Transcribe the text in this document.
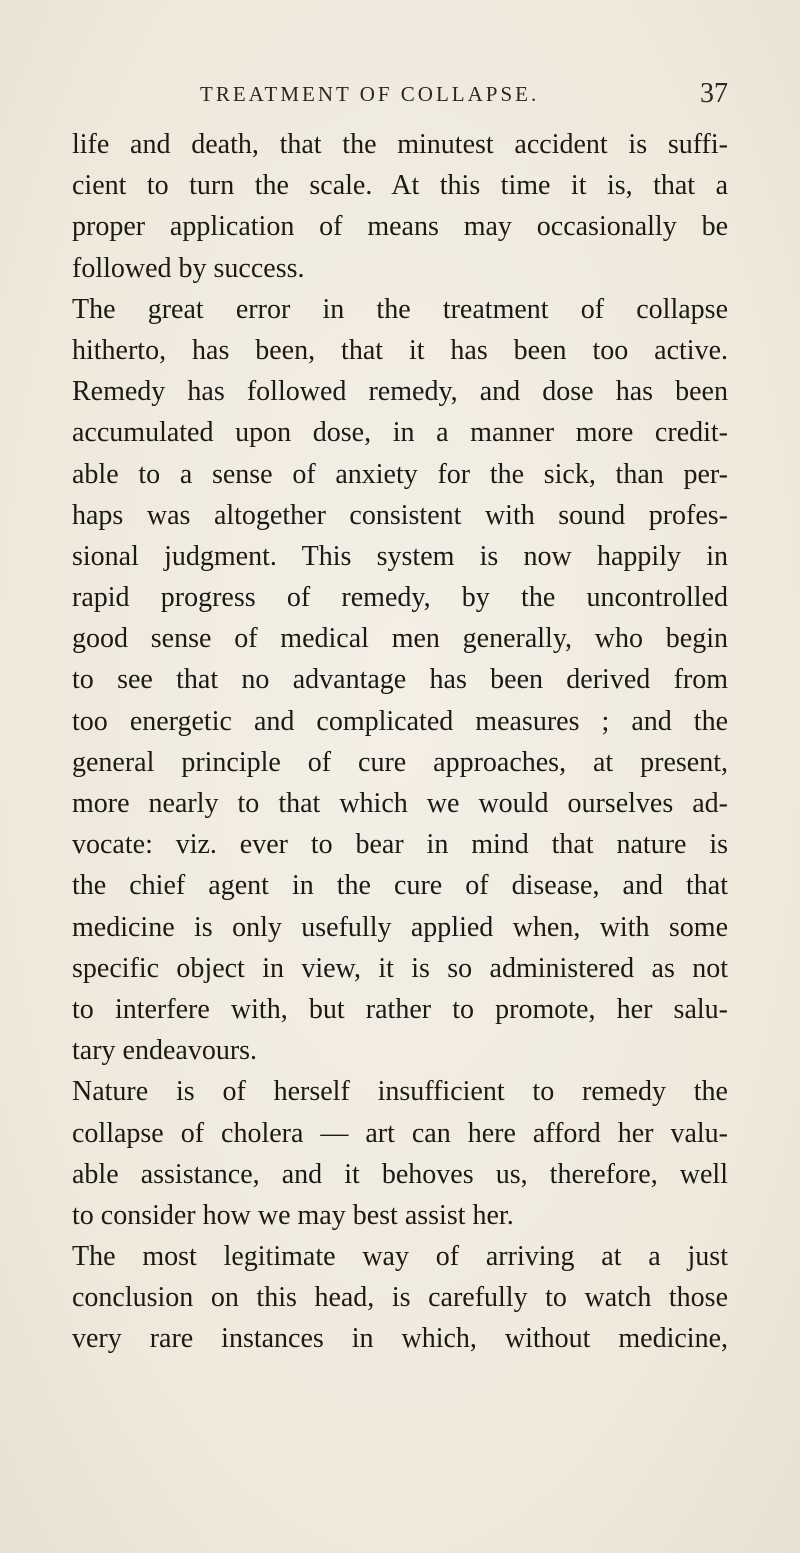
TREATMENT OF COLLAPSE.	37
life and death, that the minutest accident is suffi-
cient to turn the scale. At this time it is, that a
proper application of means may occasionally be
followed by success.
The great error in the treatment of collapse
hitherto, has been, that it has been too active.
Remedy has followed remedy, and dose has been
accumulated upon dose, in a manner more credit-
able to a sense of anxiety for the sick, than per-
haps was altogether consistent with sound profes-
sional judgment. This system is now happily in
rapid progress of remedy, by the uncontrolled
good sense of medical men generally, who begin
to see that no advantage has been derived from
too energetic and complicated measures ; and the
general principle of cure approaches, at present,
more nearly to that which we would ourselves ad-
vocate: viz. ever to bear in mind that nature is
the chief agent in the cure of disease, and that
medicine is only usefully applied when, with some
specific object in view, it is so administered as not
to interfere with, but rather to promote, her salu-
tary endeavours.
Nature is of herself insufficient to remedy the
collapse of cholera — art can here afford her valu-
able assistance, and it behoves us, therefore, well
to consider how we may best assist her.
The most legitimate way of arriving at a just
conclusion on this head, is carefully to watch those
very rare instances in which, without medicine,
